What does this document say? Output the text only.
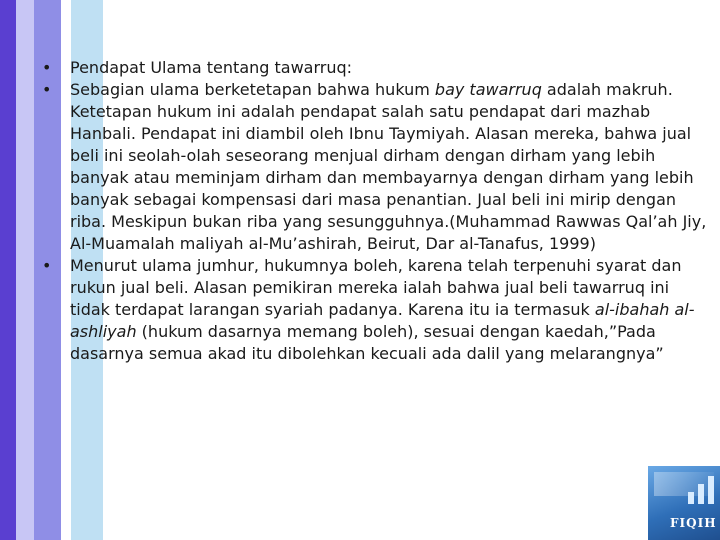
• Pendapat Ulama tentang tawarruq:
• Sebagian ulama berketetapan bahwa hukum bay tawarruq adalah makruh. Ketetapan hukum ini adalah pendapat salah satu pendapat dari mazhab Hanbali. Pendapat ini diambil oleh Ibnu Taymiyah. Alasan mereka, bahwa jual beli ini seolah-olah seseorang menjual dirham dengan dirham yang lebih banyak atau meminjam dirham dan membayarnya dengan dirham yang lebih banyak sebagai kompensasi dari masa penantian. Jual beli ini mirip dengan riba. Meskipun bukan riba yang sesungguhnya.(Muhammad Rawwas Qal’ah Jiy, Al-Muamalah maliyah al-Mu’ashirah, Beirut, Dar al-Tanafus, 1999)
• Menurut ulama jumhur, hukumnya boleh, karena telah terpenuhi syarat dan rukun jual beli. Alasan pemikiran mereka ialah bahwa jual beli tawarruq ini tidak terdapat larangan syariah padanya. Karena itu ia termasuk al-ibahah al-ashliyah (hukum dasarnya memang boleh), sesuai dengan kaedah,”Pada dasarnya semua akad itu dibolehkan kecuali ada dalil yang melarangnya”
FIQIH
